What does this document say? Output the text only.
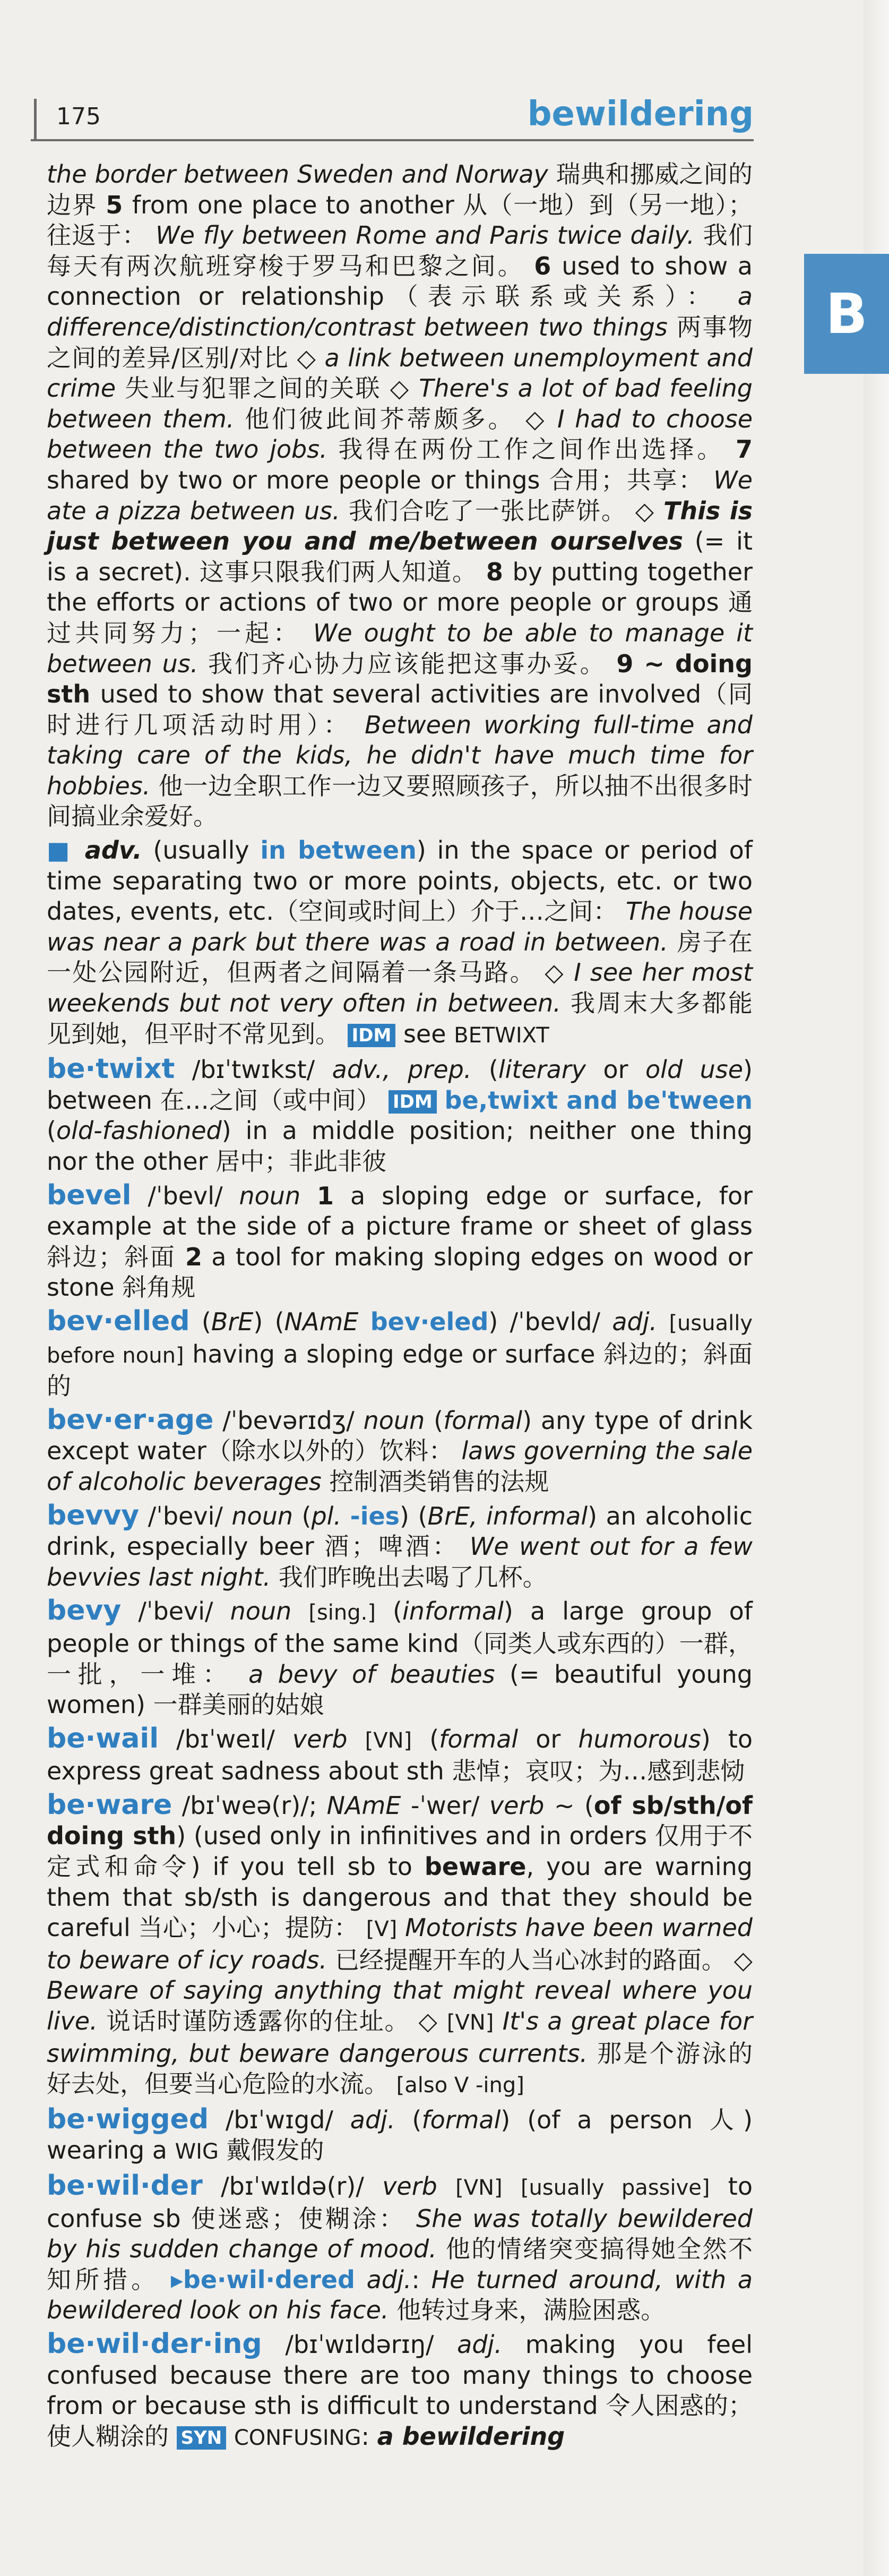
175	bewildering
B

the border between Sweden and Norway 瑞典和挪威之间的边界 5 from one place to another 从（一地）到（另一地）；往返于： We fly between Rome and Paris twice daily. 我们每天有两次航班穿梭于罗马和巴黎之间。 6 used to show a connection or relationship（表示联系或关系）： a difference/distinction/contrast between two things 两事物之间的差异/区别/对比 ◇ a link between unemployment and crime 失业与犯罪之间的关联 ◇ There's a lot of bad feeling between them. 他们彼此间芥蒂颇多。 ◇ I had to choose between the two jobs. 我得在两份工作之间作出选择。 7 shared by two or more people or things 合用；共享： We ate a pizza between us. 我们合吃了一张比萨饼。 ◇ This is just between you and me/between ourselves (= it is a secret). 这事只限我们两人知道。 8 by putting together the efforts or actions of two or more people or groups 通过共同努力；一起： We ought to be able to manage it between us. 我们齐心协力应该能把这事办妥。 9 ~ doing sth used to show that several activities are involved（同时进行几项活动时用）： Between working full-time and taking care of the kids, he didn't have much time for hobbies. 他一边全职工作一边又要照顾孩子，所以抽不出很多时间搞业余爱好。

■ adv. (usually in between) in the space or period of time separating two or more points, objects, etc. or two dates, events, etc.（空间或时间上）介于…之间： The house was near a park but there was a road in between. 房子在一处公园附近，但两者之间隔着一条马路。 ◇ I see her most weekends but not very often in between. 我周末大多都能见到她，但平时不常见到。 IDM see BETWIXT

be·twixt /bɪˈtwɪkst/ adv., prep. (literary or old use) between 在…之间（或中间） IDM be,twixt and be'tween (old-fashioned) in a middle position; neither one thing nor the other 居中；非此非彼

bevel /ˈbevl/ noun 1 a sloping edge or surface, for example at the side of a picture frame or sheet of glass 斜边；斜面 2 a tool for making sloping edges on wood or stone 斜角规

bev·elled (BrE) (NAmE bev·eled) /ˈbevld/ adj. [usually before noun] having a sloping edge or surface 斜边的；斜面的

bev·er·age /ˈbevərɪdʒ/ noun (formal) any type of drink except water（除水以外的）饮料： laws governing the sale of alcoholic beverages 控制酒类销售的法规

bevvy /ˈbevi/ noun (pl. -ies) (BrE, informal) an alcoholic drink, especially beer 酒；啤酒： We went out for a few bevvies last night. 我们昨晚出去喝了几杯。

bevy /ˈbevi/ noun [sing.] (informal) a large group of people or things of the same kind（同类人或东西的）一群，一批，一堆： a bevy of beauties (= beautiful young women) 一群美丽的姑娘

be·wail /bɪˈweɪl/ verb [VN] (formal or humorous) to express great sadness about sth 悲悼；哀叹；为…感到悲恸

be·ware /bɪˈweə(r)/; NAmE -ˈwer/ verb ~ (of sb/sth/of doing sth) (used only in infinitives and in orders 仅用于不定式和命令) if you tell sb to beware, you are warning them that sb/sth is dangerous and that they should be careful 当心；小心；提防： [V] Motorists have been warned to beware of icy roads. 已经提醒开车的人当心冰封的路面。 ◇ Beware of saying anything that might reveal where you live. 说话时谨防透露你的住址。 ◇ [VN] It's a great place for swimming, but beware dangerous currents. 那是个游泳的好去处，但要当心危险的水流。 [also V -ing]

be·wigged /bɪˈwɪgd/ adj. (formal) (of a person 人) wearing a WIG 戴假发的

be·wil·der /bɪˈwɪldə(r)/ verb [VN] [usually passive] to confuse sb 使迷惑；使糊涂： She was totally bewildered by his sudden change of mood. 他的情绪突变搞得她全然不知所措。 ▸be·wil·dered adj.: He turned around, with a bewildered look on his face. 他转过身来，满脸困惑。

be·wil·der·ing /bɪˈwɪldərɪŋ/ adj. making you feel confused because there are too many things to choose from or because sth is difficult to understand 令人困惑的；使人糊涂的 SYN CONFUSING: a bewildering
